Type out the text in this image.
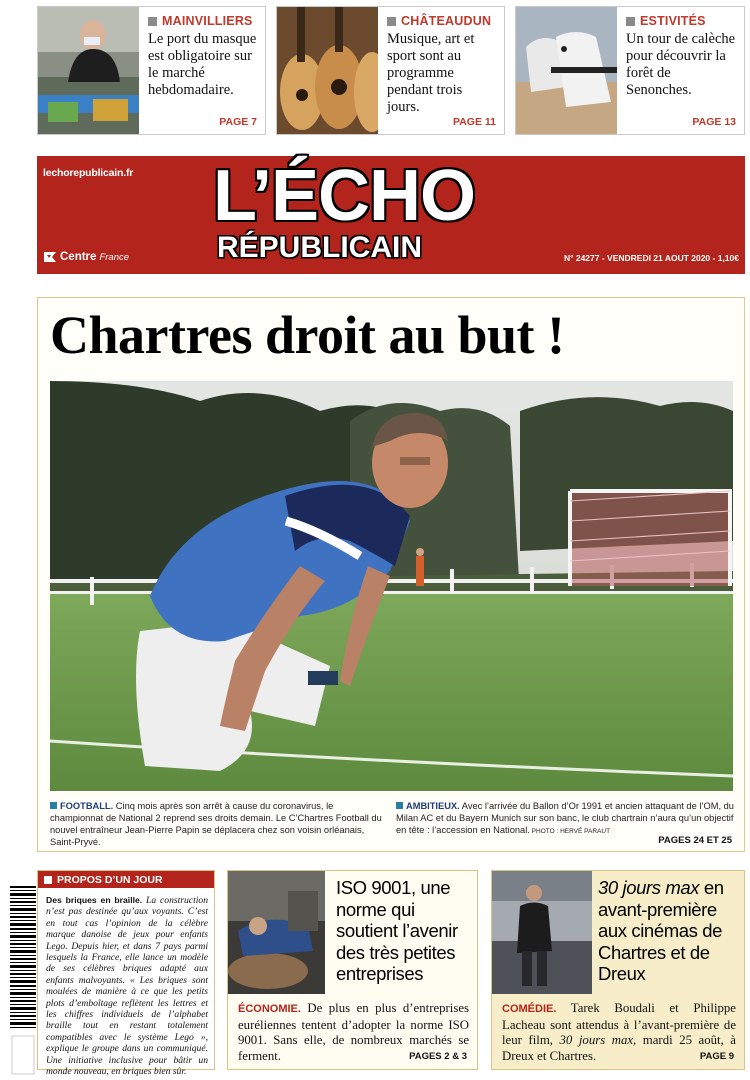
MAINVILLIERS
Le port du masque est obligatoire sur le marché hebdomadaire.
PAGE 7
CHÂTEAUDUN
Musique, art et sport sont au programme pendant trois jours.
PAGE 11
ESTIVITÉS
Un tour de calèche pour découvrir la forêt de Senonches.
PAGE 13
lechorepublicain.fr L’ÉCHO
RÉPUBLICAIN
Centre France	N° 24277 - VENDREDI 21 AOUT 2020 - 1,10€
Chartres droit au but !
FOOTBALL. Cinq mois après son arrêt à cause du coronavirus, le championnat de National 2 reprend ses droits demain. Le C’Chartres Football du nouvel entraîneur Jean-Pierre Papin se déplacera chez son voisin orléanais, Saint-Pryvé.
AMBITIEUX. Avec l’arrivée du Ballon d’Or 1991 et ancien attaquant de l’OM, du Milan AC et du Bayern Munich sur son banc, le club chartrain n’aura qu’un objectif en tête : l’accession en National. PHOTO : HERVÉ PARAUT
PAGES 24 ET 25
PROPOS D’UN JOUR
Des briques en braille. La construction n’est pas destinée qu’aux voyants. C’est en tout cas l’opinion de la célèbre marque danoise de jeux pour enfants Lego. Depuis hier, et dans 7 pays parmi lesquels la France, elle lance un modèle de ses célèbres briques adapté aux enfants malvoyants. « Les briques sont moulées de manière à ce que les petits plots d’emboîtage reflètent les lettres et les chiffres individuels de l’alphabet braille tout en restant totalement compatibles avec le système Lego », explique le groupe dans un communiqué. Une initiative inclusive pour bâtir un monde nouveau, en briques bien sûr.
ISO 9001, une norme qui soutient l’avenir des très petites entreprises
ÉCONOMIE. De plus en plus d’entreprises euréliennes tentent d’adopter la norme ISO 9001. Sans elle, de nombreux marchés se ferment.	PAGES 2 & 3
30 jours max en avant-première aux cinémas de Chartres et de Dreux
COMÉDIE. Tarek Boudali et Philippe Lacheau sont attendus à l’avant-première de leur film, 30 jours max, mardi 25 août, à Dreux et Chartres.	PAGE 9
